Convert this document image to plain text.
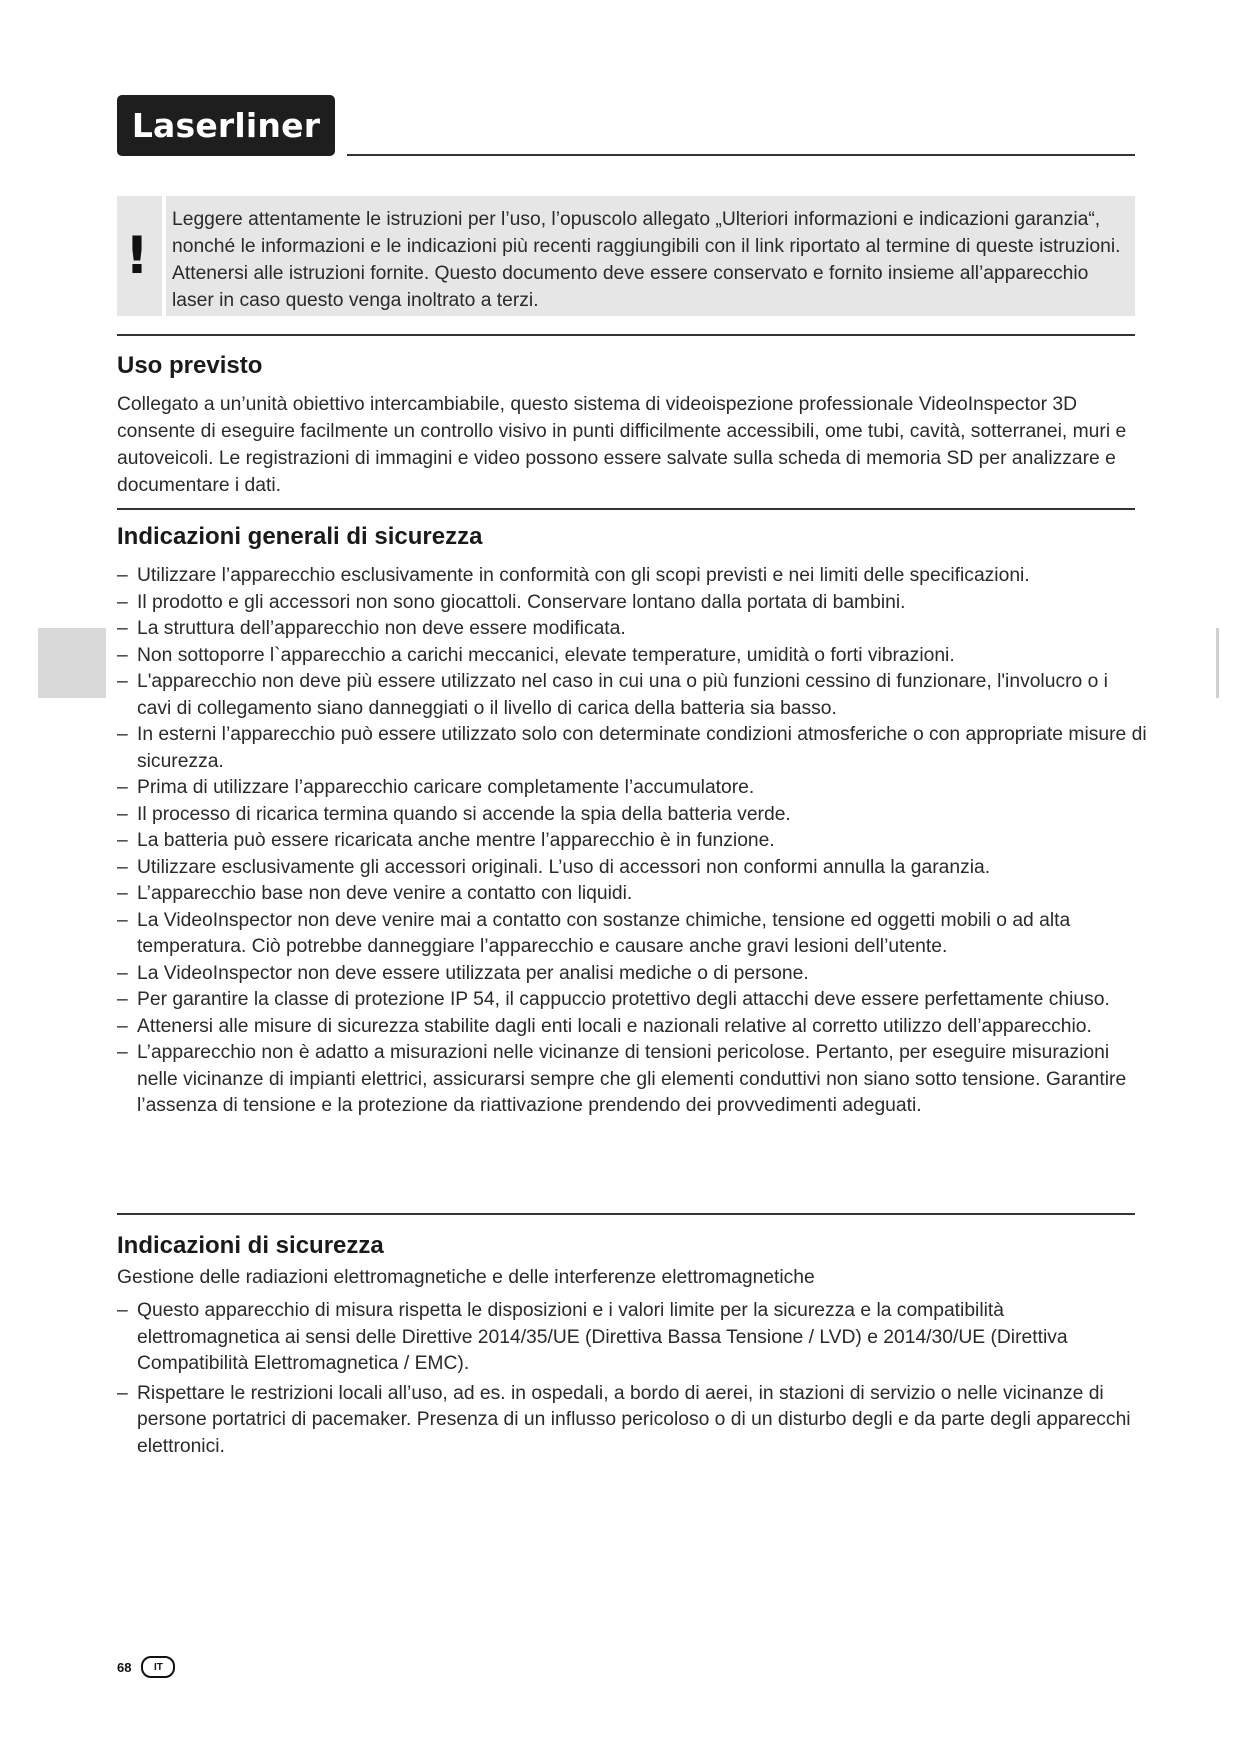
Laserliner
!
Leggere attentamente le istruzioni per l’uso, l’opuscolo allegato „Ulteriori informazioni e indicazioni garanzia“, nonché le informazioni e le indicazioni più recenti raggiungibili con il link riportato al termine di queste istruzioni. Attenersi alle istruzioni fornite. Questo documento deve essere conservato e fornito insieme all’apparecchio laser in caso questo venga inoltrato a terzi.
Uso previsto

Collegato a un’unità obiettivo intercambiabile, questo sistema di videoispezione professionale VideoInspector 3D consente di eseguire facilmente un controllo visivo in punti difficilmente accessibili, ome tubi, cavità, sotterranei, muri e autoveicoli. Le registrazioni di immagini e video possono essere salvate sulla scheda di memoria SD per analizzare e documentare i dati.

Indicazioni generali di sicurezza
– Utilizzare l’apparecchio esclusivamente in conformità con gli scopi previsti e nei limiti delle specificazioni.
– Il prodotto e gli accessori non sono giocattoli. Conservare lontano dalla portata di bambini.
– La struttura dell’apparecchio non deve essere modificata.
– Non sottoporre l`apparecchio a carichi meccanici, elevate temperature, umidità o forti vibrazioni.
– L'apparecchio non deve più essere utilizzato nel caso in cui una o più funzioni cessino di funzionare, l'involucro o i cavi di collegamento siano danneggiati o il livello di carica della batteria sia basso.
– In esterni l’apparecchio può essere utilizzato solo con determinate condizioni atmosferiche o con appropriate misure di sicurezza.
– Prima di utilizzare l’apparecchio caricare completamente l’accumulatore.
– Il processo di ricarica termina quando si accende la spia della batteria verde.
– La batteria può essere ricaricata anche mentre l’apparecchio è in funzione.
– Utilizzare esclusivamente gli accessori originali. L’uso di accessori non conformi annulla la garanzia.
– L’apparecchio base non deve venire a contatto con liquidi.
– La VideoInspector non deve venire mai a contatto con sostanze chimiche, tensione ed oggetti mobili o ad alta temperatura. Ciò potrebbe danneggiare l’apparecchio e causare anche gravi lesioni dell’utente.
– La VideoInspector non deve essere utilizzata per analisi mediche o di persone.
– Per garantire la classe di protezione IP 54, il cappuccio protettivo degli attacchi deve essere perfettamente chiuso.
– Attenersi alle misure di sicurezza stabilite dagli enti locali e nazionali relative al corretto utilizzo dell’apparecchio.
– L’apparecchio non è adatto a misurazioni nelle vicinanze di tensioni pericolose. Pertanto, per eseguire misurazioni nelle vicinanze di impianti elettrici, assicurarsi sempre che gli elementi conduttivi non siano sotto tensione. Garantire l’assenza di tensione e la protezione da riattivazione prendendo dei provvedimenti adeguati.
Indicazioni di sicurezza

Gestione delle radiazioni elettromagnetiche e delle interferenze elettromagnetiche

– Questo apparecchio di misura rispetta le disposizioni e i valori limite per la sicurezza e la compatibilità elettromagnetica ai sensi delle Direttive 2014/35/UE (Direttiva Bassa Tensione / LVD) e 2014/30/UE (Direttiva Compatibilità Elettromagnetica / EMC).
– Rispettare le restrizioni locali all’uso, ad es. in ospedali, a bordo di aerei, in stazioni di servizio o nelle vicinanze di persone portatrici di pacemaker. Presenza di un influsso pericoloso o di un disturbo degli e da parte degli apparecchi elettronici.
68	IT
